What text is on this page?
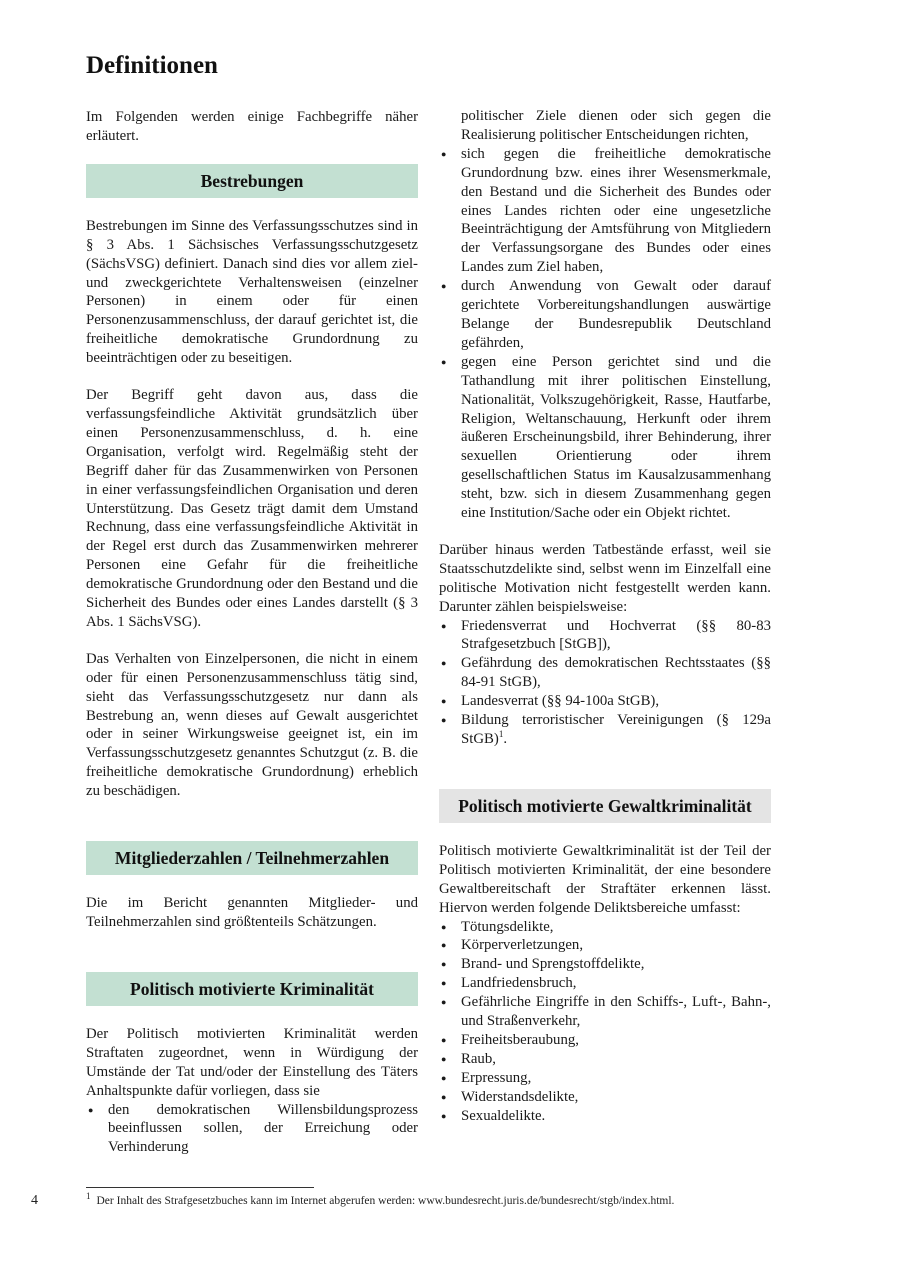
Definitionen

Im Folgenden werden einige Fachbegriffe näher erläutert.

Bestrebungen

Bestrebungen im Sinne des Verfassungsschutzes sind in § 3 Abs. 1 Sächsisches Verfassungsschutzgesetz (SächsVSG) definiert. Danach sind dies vor allem ziel- und zweckgerichtete Verhaltensweisen (einzelner Personen) in einem oder für einen Personenzusammenschluss, der darauf gerichtet ist, die freiheitliche demokratische Grundordnung zu beeinträchtigen oder zu beseitigen.

Der Begriff geht davon aus, dass die verfassungsfeindliche Aktivität grundsätzlich über einen Personenzusammenschluss, d. h. eine Organisation, verfolgt wird. Regelmäßig steht der Begriff daher für das Zusammenwirken von Personen in einer verfassungsfeindlichen Organisation und deren Unterstützung. Das Gesetz trägt damit dem Umstand Rechnung, dass eine verfassungsfeindliche Aktivität in der Regel erst durch das Zusammenwirken mehrerer Personen eine Gefahr für die freiheitliche demokratische Grundordnung oder den Bestand und die Sicherheit des Bundes oder eines Landes darstellt (§ 3 Abs. 1 SächsVSG).

Das Verhalten von Einzelpersonen, die nicht in einem oder für einen Personenzusammenschluss tätig sind, sieht das Verfassungsschutzgesetz nur dann als Bestrebung an, wenn dieses auf Gewalt ausgerichtet oder in seiner Wirkungsweise geeignet ist, ein im Verfassungsschutzgesetz genanntes Schutzgut (z. B. die freiheitliche demokratische Grundordnung) erheblich zu beschädigen.

Mitgliederzahlen / Teilnehmerzahlen

Die im Bericht genannten Mitglieder- und Teilnehmerzahlen sind größtenteils Schätzungen.

Politisch motivierte Kriminalität

Der Politisch motivierten Kriminalität werden Straftaten zugeordnet, wenn in Würdigung der Umstände der Tat und/oder der Einstellung des Täters Anhaltspunkte dafür vorliegen, dass sie

● den demokratischen Willensbildungsprozess beeinflussen sollen, der Erreichung oder Verhinderung

politischer Ziele dienen oder sich gegen die Realisierung politischer Entscheidungen richten,

● sich gegen die freiheitliche demokratische Grundordnung bzw. eines ihrer Wesensmerkmale, den Bestand und die Sicherheit des Bundes oder eines Landes richten oder eine ungesetzliche Beeinträchtigung der Amtsführung von Mitgliedern der Verfassungsorgane des Bundes oder eines Landes zum Ziel haben,
● durch Anwendung von Gewalt oder darauf gerichtete Vorbereitungshandlungen auswärtige Belange der Bundesrepublik Deutschland gefährden,
● gegen eine Person gerichtet sind und die Tathandlung mit ihrer politischen Einstellung, Nationalität, Volkszugehörigkeit, Rasse, Hautfarbe, Religion, Weltanschauung, Herkunft oder ihrem äußeren Erscheinungsbild, ihrer Behinderung, ihrer sexuellen Orientierung oder ihrem gesellschaftlichen Status im Kausalzusammenhang steht, bzw. sich in diesem Zusammenhang gegen eine Institution/Sache oder ein Objekt richtet.

Darüber hinaus werden Tatbestände erfasst, weil sie Staatsschutzdelikte sind, selbst wenn im Einzelfall eine politische Motivation nicht festgestellt werden kann. Darunter zählen beispielsweise:

● Friedensverrat und Hochverrat (§§ 80-83 Strafgesetzbuch [StGB]),
● Gefährdung des demokratischen Rechtsstaates (§§ 84-91 StGB),
● Landesverrat (§§ 94-100a StGB),
● Bildung terroristischer Vereinigungen (§ 129a StGB)$^1$.
Politisch motivierte Gewaltkriminalität

Politisch motivierte Gewaltkriminalität ist der Teil der Politisch motivierten Kriminalität, der eine besondere Gewaltbereitschaft der Straftäter erkennen lässt. Hiervon werden folgende Deliktsbereiche umfasst:

● Tötungsdelikte,
● Körperverletzungen,
● Brand- und Sprengstoffdelikte,
● Landfriedensbruch,
● Gefährliche Eingriffe in den Schiffs-, Luft-, Bahn-, und Straßenverkehr,
● Freiheitsberaubung,
● Raub,
● Erpressung,
● Widerstandsdelikte,
● Sexualdelikte.
4	$^1$ Der Inhalt des Strafgesetzbuches kann im Internet abgerufen werden: www.bundesrecht.juris.de/bundesrecht/stgb/index.html.
